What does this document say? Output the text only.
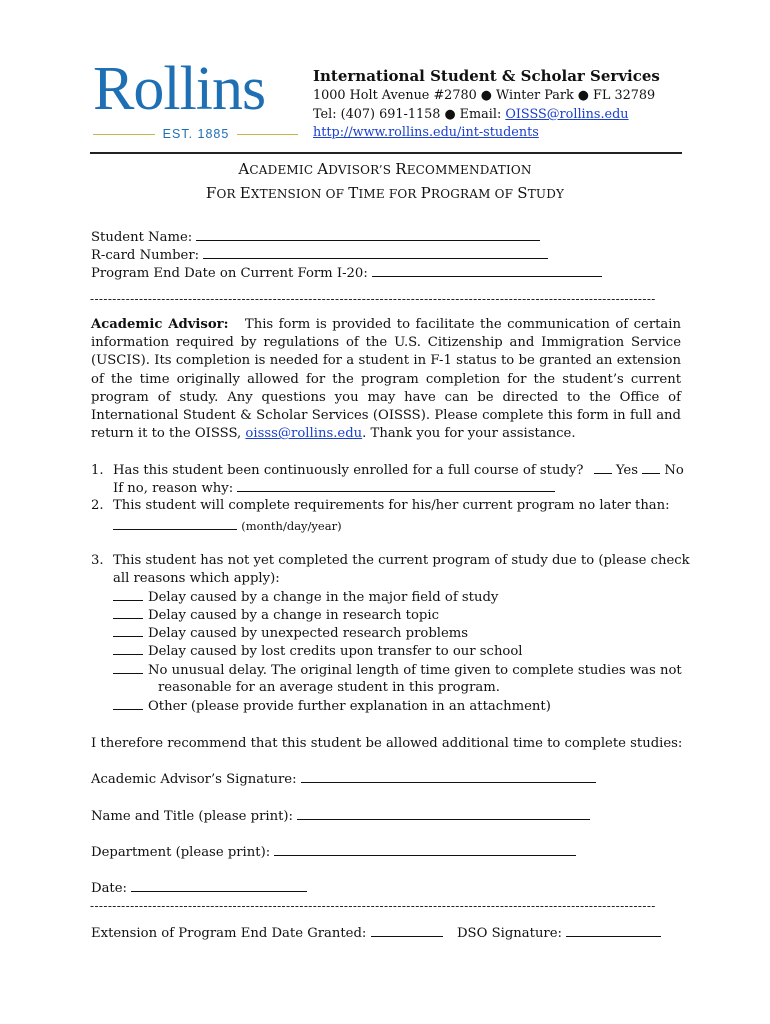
Rollins
EST. 1885
International Student & Scholar Services
1000 Holt Avenue #2780 ● Winter Park ● FL 32789
Tel: (407) 691-1158 ● Email: OISSS@rollins.edu
http://www.rollins.edu/int-students
ACADEMIC ADVISOR’S RECOMMENDATION
FOR EXTENSION OF TIME FOR PROGRAM OF STUDY
Student Name:
R-card Number:
Program End Date on Current Form I-20:
-------------------------------------------------------------------------------------------------------------------------------
Academic Advisor: This form is provided to facilitate the communication of certain information required by regulations of the U.S. Citizenship and Immigration Service (USCIS). Its completion is needed for a student in F-1 status to be granted an extension of the time originally allowed for the program completion for the student’s current program of study. Any questions you may have can be directed to the Office of International Student & Scholar Services (OISSS). Please complete this form in full and return it to the OISSS, oisss@rollins.edu. Thank you for your assistance.
1. Has this student been continuously enrolled for a full course of study? Yes No
If no, reason why:
2. This student will complete requirements for his/her current program no later than:
(month/day/year)
3. This student has not yet completed the current program of study due to (please check
all reasons which apply):
Delay caused by a change in the major field of study
Delay caused by a change in research topic
Delay caused by unexpected research problems
Delay caused by lost credits upon transfer to our school
No unusual delay. The original length of time given to complete studies was not
reasonable for an average student in this program.
Other (please provide further explanation in an attachment)
I therefore recommend that this student be allowed additional time to complete studies:
Academic Advisor’s Signature:
Name and Title (please print):
Department (please print):
Date:
-------------------------------------------------------------------------------------------------------------------------------
Extension of Program End Date Granted:	DSO Signature:
